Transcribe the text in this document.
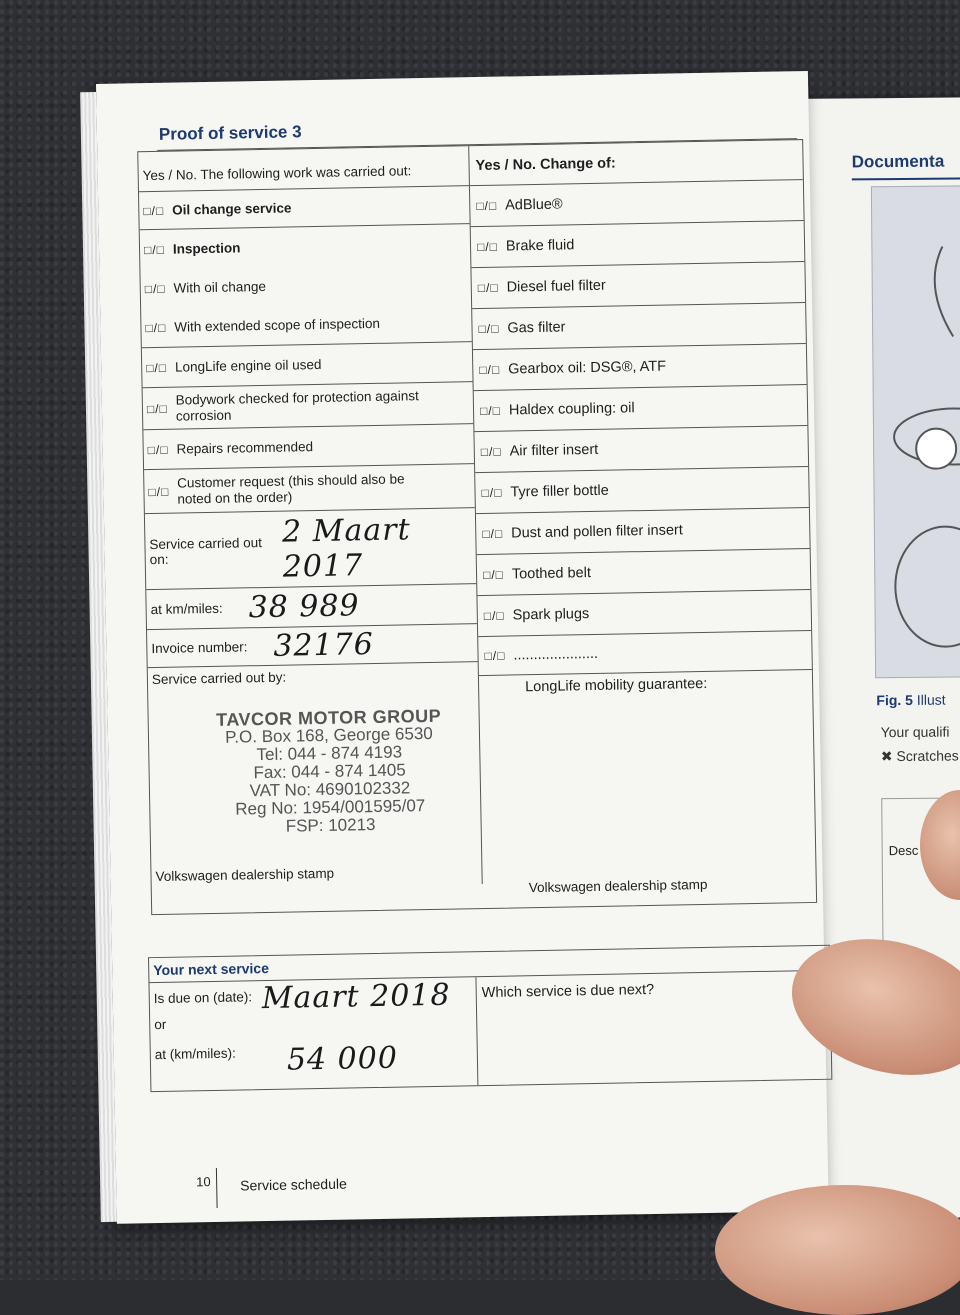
Documenta
Fig. 5 Illust
Your qualifi
✖ Scratches
Desc
Proof of service 3
Yes / No. The following work was carried out:
□/□ Oil change service
□/□ Inspection
□/□ With oil change
□/□ With extended scope of inspection
□/□ LongLife engine oil used
□/□
Bodywork checked for protection against corrosion
□/□ Repairs recommended
□/□
Customer request (this should also be noted on the order)
Service carried out on:
2 Maart 2017
at km/miles: 38 989
Invoice number: 32176
Service carried out by:
TAVCOR MOTOR GROUP
P.O. Box 168, George 6530
Tel: 044 - 874 4193
Fax: 044 - 874 1405
VAT No: 4690102332
Reg No: 1954/001595/07
FSP: 10213
Volkswagen dealership stamp
Yes / No. Change of:
□/□ AdBlue®
□/□ Brake fluid
□/□ Diesel fuel filter
□/□ Gas filter
□/□ Gearbox oil: DSG®, ATF
□/□ Haldex coupling: oil
□/□ Air filter insert
□/□ Tyre filler bottle
□/□ Dust and pollen filter insert
□/□ Toothed belt
□/□ Spark plugs
□/□ .....................
LongLife mobility guarantee:
Volkswagen dealership stamp
Your next service
Is due on (date): Maart 2018
or
at (km/miles): 54 000
Which service is due next?
10 Service schedule
